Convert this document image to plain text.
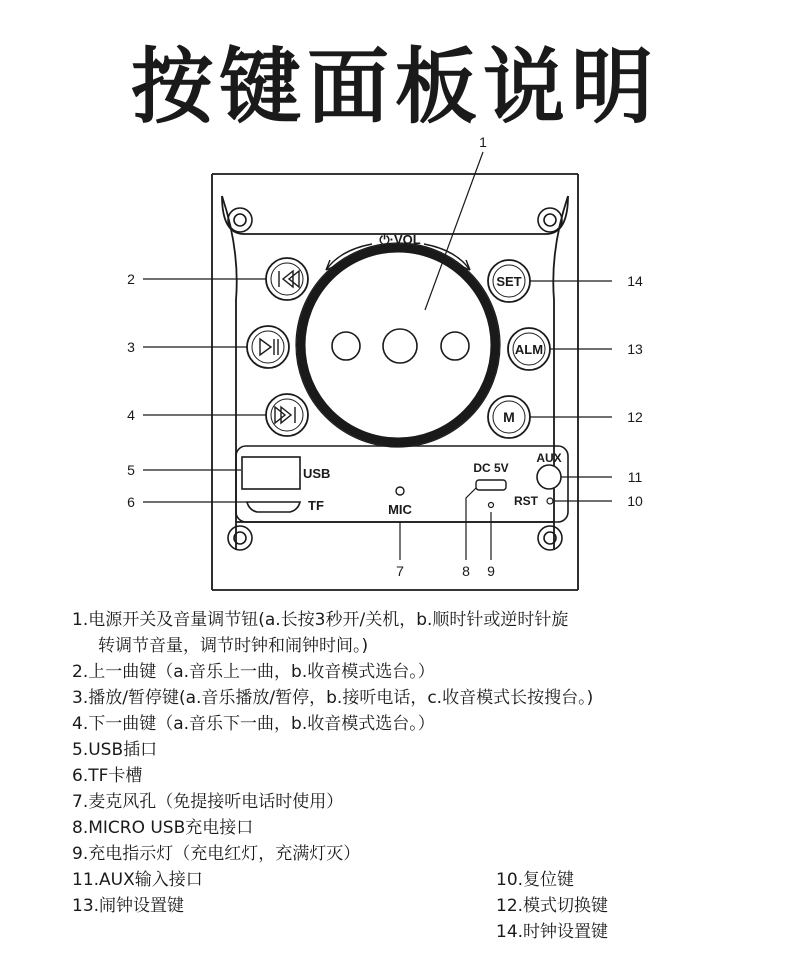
按键面板说明
⏻·VOL
SET
ALM
M
USB
TF	MIC
DC 5V
AUX
RST
1
2
3
4
5
6
7	8 9
10
11
12
13
14
1.电源开关及音量调节钮(a.长按3秒开/关机，b.顺时针或逆时针旋
转调节音量，调节时钟和闹钟时间。)
2.上一曲键（a.音乐上一曲，b.收音模式选台。）
3.播放/暂停键(a.音乐播放/暂停，b.接听电话，c.收音模式长按搜台。)
4.下一曲键（a.音乐下一曲，b.收音模式选台。）
5.USB插口
6.TF卡槽
7.麦克风孔（免提接听电话时使用）
8.MICRO USB充电接口
9.充电指示灯（充电红灯，充满灯灭）
11.AUX输入接口
13.闹钟设置键
10.复位键
12.模式切换键
14.时钟设置键
